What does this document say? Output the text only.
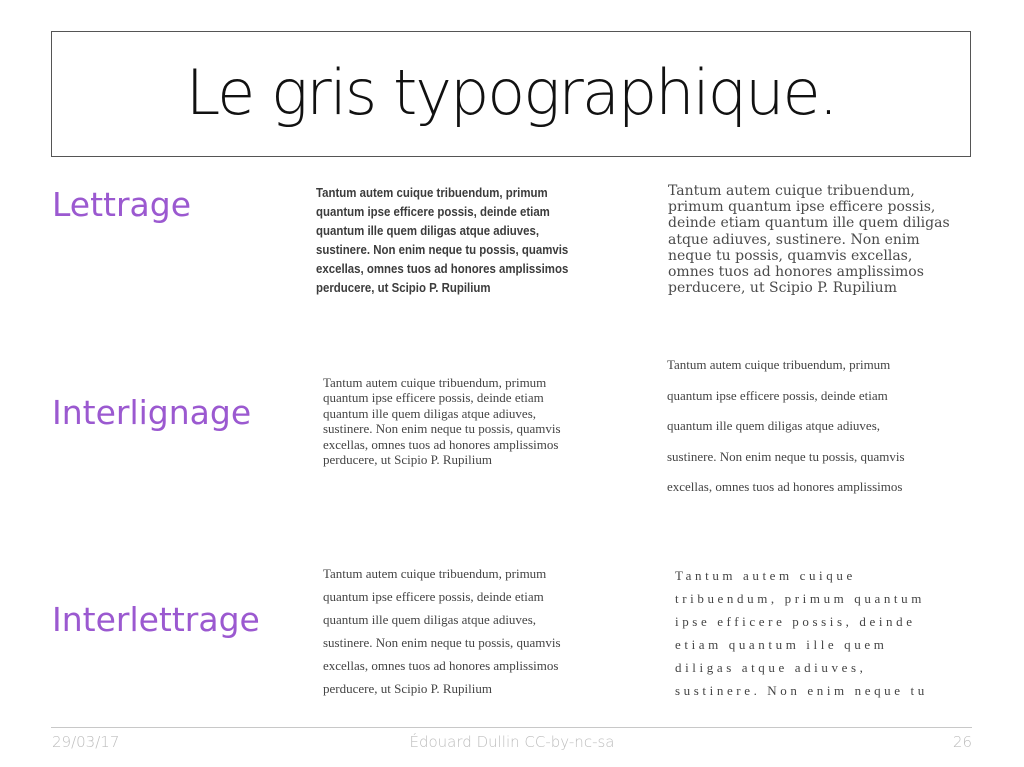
Le gris typographique.
Lettrage
Interlignage
Interlettrage

Tantum autem cuique tribuendum, primum
quantum ipse efficere possis, deinde etiam
quantum ille quem diligas atque adiuves,
sustinere. Non enim neque tu possis, quamvis
excellas, omnes tuos ad honores amplissimos
perducere, ut Scipio P. Rupilium

Tantum autem cuique tribuendum,
primum quantum ipse efficere possis,
deinde etiam quantum ille quem diligas
atque adiuves, sustinere. Non enim
neque tu possis, quamvis excellas,
omnes tuos ad honores amplissimos
perducere, ut Scipio P. Rupilium

Tantum autem cuique tribuendum, primum
quantum ipse efficere possis, deinde etiam
quantum ille quem diligas atque adiuves,
sustinere. Non enim neque tu possis, quamvis
excellas, omnes tuos ad honores amplissimos
perducere, ut Scipio P. Rupilium

Tantum autem cuique tribuendum, primum
quantum ipse efficere possis, deinde etiam
quantum ille quem diligas atque adiuves,
sustinere. Non enim neque tu possis, quamvis
excellas, omnes tuos ad honores amplissimos

Tantum autem cuique tribuendum, primum
quantum ipse efficere possis, deinde etiam
quantum ille quem diligas atque adiuves,
sustinere. Non enim neque tu possis, quamvis
excellas, omnes tuos ad honores amplissimos
perducere, ut Scipio P. Rupilium

Tantum autem cuique
tribuendum, primum quantum
ipse efficere possis, deinde
etiam quantum ille quem
diligas atque adiuves,
sustinere. Non enim neque tu

29/03/17	Édouard Dullin CC-by-nc-sa	26
